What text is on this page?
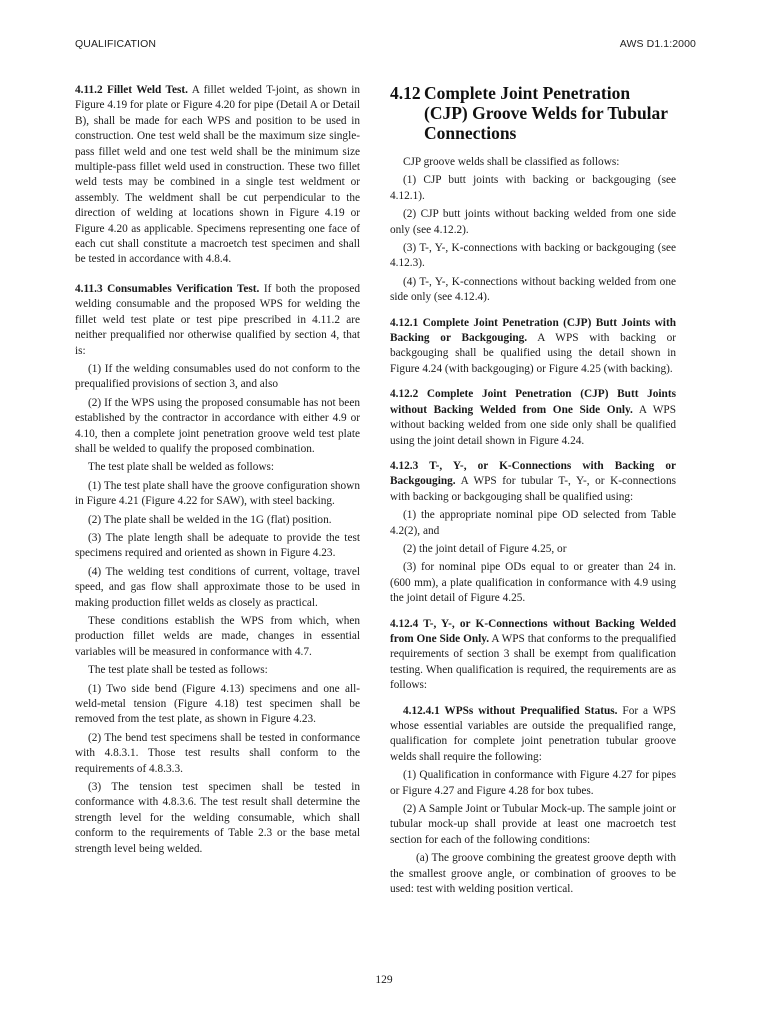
QUALIFICATION	AWS D1.1:2000

4.11.2 Fillet Weld Test. A fillet welded T-joint, as shown in Figure 4.19 for plate or Figure 4.20 for pipe (Detail A or Detail B), shall be made for each WPS and position to be used in construction. One test weld shall be the maximum size single-pass fillet weld and one test weld shall be the minimum size multiple-pass fillet weld used in construction. These two fillet weld tests may be combined in a single test weldment or assembly. The weldment shall be cut perpendicular to the direction of welding at locations shown in Figure 4.19 or Figure 4.20 as applicable. Specimens representing one face of each cut shall constitute a macroetch test specimen and shall be tested in accordance with 4.8.4.

4.11.3 Consumables Verification Test. If both the proposed welding consumable and the proposed WPS for welding the fillet weld test plate or test pipe prescribed in 4.11.2 are neither prequalified nor otherwise qualified by section 4, that is:

(1) If the welding consumables used do not conform to the prequalified provisions of section 3, and also

(2) If the WPS using the proposed consumable has not been established by the contractor in accordance with either 4.9 or 4.10, then a complete joint penetration groove weld test plate shall be welded to qualify the proposed combination.

The test plate shall be welded as follows:

(1) The test plate shall have the groove configuration shown in Figure 4.21 (Figure 4.22 for SAW), with steel backing.

(2) The plate shall be welded in the 1G (flat) position.

(3) The plate length shall be adequate to provide the test specimens required and oriented as shown in Figure 4.23.

(4) The welding test conditions of current, voltage, travel speed, and gas flow shall approximate those to be used in making production fillet welds as closely as practical.

These conditions establish the WPS from which, when production fillet welds are made, changes in essential variables will be measured in conformance with 4.7.

The test plate shall be tested as follows:

(1) Two side bend (Figure 4.13) specimens and one all-weld-metal tension (Figure 4.18) test specimen shall be removed from the test plate, as shown in Figure 4.23.

(2) The bend test specimens shall be tested in conformance with 4.8.3.1. Those test results shall conform to the requirements of 4.8.3.3.

(3) The tension test specimen shall be tested in conformance with 4.8.3.6. The test result shall determine the strength level for the welding consumable, which shall conform to the requirements of Table 2.3 or the base metal strength level being welded.

4.12 Complete Joint Penetration
(CJP) Groove Welds for Tubular
Connections

CJP groove welds shall be classified as follows:

(1) CJP butt joints with backing or backgouging (see 4.12.1).

(2) CJP butt joints without backing welded from one side only (see 4.12.2).

(3) T-, Y-, K-connections with backing or backgouging (see 4.12.3).

(4) T-, Y-, K-connections without backing welded from one side only (see 4.12.4).

4.12.1 Complete Joint Penetration (CJP) Butt Joints with Backing or Backgouging. A WPS with backing or backgouging shall be qualified using the detail shown in Figure 4.24 (with backgouging) or Figure 4.25 (with backing).

4.12.2 Complete Joint Penetration (CJP) Butt Joints without Backing Welded from One Side Only. A WPS without backing welded from one side only shall be qualified using the joint detail shown in Figure 4.24.

4.12.3 T-, Y-, or K-Connections with Backing or Backgouging. A WPS for tubular T-, Y-, or K-connections with backing or backgouging shall be qualified using:

(1) the appropriate nominal pipe OD selected from Table 4.2(2), and

(2) the joint detail of Figure 4.25, or

(3) for nominal pipe ODs equal to or greater than 24 in. (600 mm), a plate qualification in conformance with 4.9 using the joint detail of Figure 4.25.

4.12.4 T-, Y-, or K-Connections without Backing Welded from One Side Only. A WPS that conforms to the prequalified requirements of section 3 shall be exempt from qualification testing. When qualification is required, the requirements are as follows:

4.12.4.1 WPSs without Prequalified Status. For a WPS whose essential variables are outside the prequalified range, qualification for complete joint penetration tubular groove welds shall require the following:

(1) Qualification in conformance with Figure 4.27 for pipes or Figure 4.27 and Figure 4.28 for box tubes.

(2) A Sample Joint or Tubular Mock-up. The sample joint or tubular mock-up shall provide at least one macroetch test section for each of the following conditions:

(a) The groove combining the greatest groove depth with the smallest groove angle, or combination of grooves to be used: test with welding position vertical.

129
